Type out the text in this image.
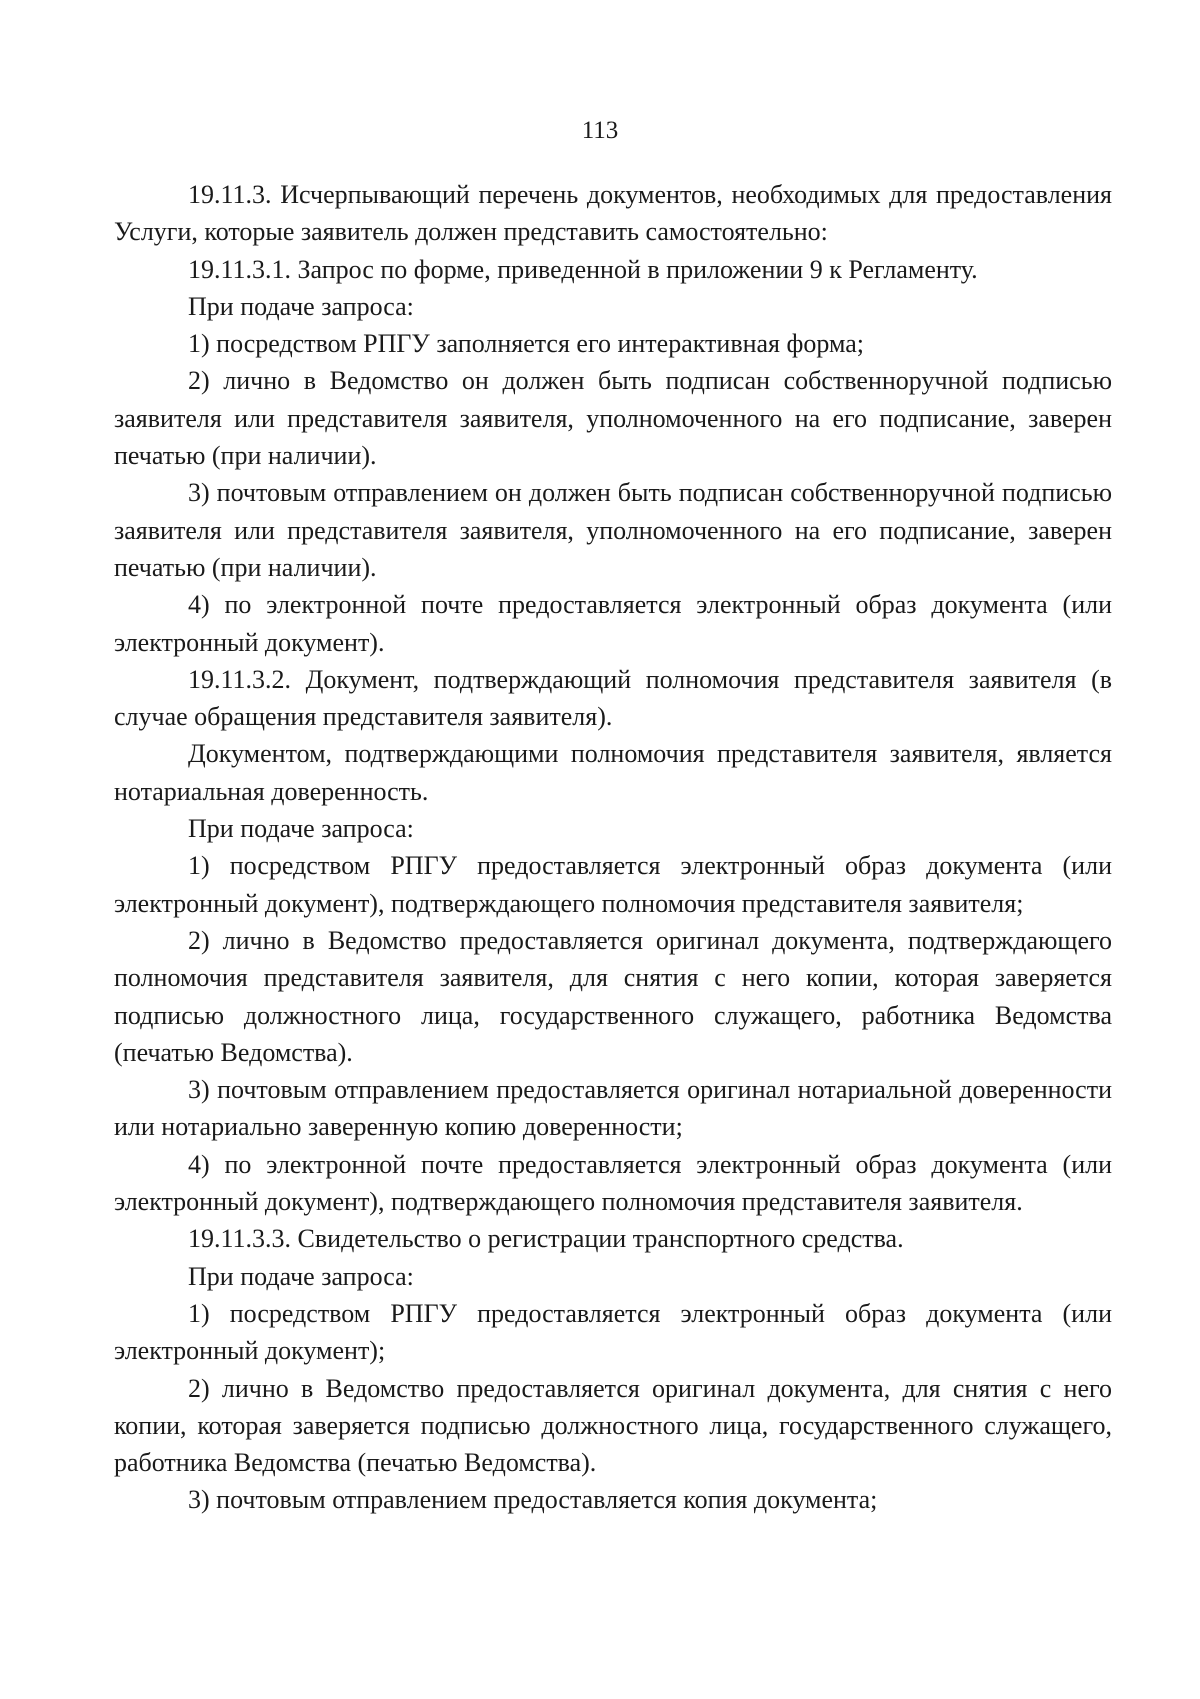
113

19.11.3. Исчерпывающий перечень документов, необходимых для предоставления Услуги, которые заявитель должен представить самостоятельно:

19.11.3.1. Запрос по форме, приведенной в приложении 9 к Регламенту.

При подаче запроса:

1) посредством РПГУ заполняется его интерактивная форма;

2) лично в Ведомство он должен быть подписан собственноручной подписью заявителя или представителя заявителя, уполномоченного на его подписание, заверен печатью (при наличии).

3) почтовым отправлением он должен быть подписан собственноручной подписью заявителя или представителя заявителя, уполномоченного на его подписание, заверен печатью (при наличии).

4) по электронной почте предоставляется электронный образ документа (или электронный документ).

19.11.3.2. Документ, подтверждающий полномочия представителя заявителя (в случае обращения представителя заявителя).

Документом, подтверждающими полномочия представителя заявителя, является нотариальная доверенность.

При подаче запроса:

1) посредством РПГУ предоставляется электронный образ документа (или электронный документ), подтверждающего полномочия представителя заявителя;

2) лично в Ведомство предоставляется оригинал документа, подтверждающего полномочия представителя заявителя, для снятия с него копии, которая заверяется подписью должностного лица, государственного служащего, работника Ведомства (печатью Ведомства).

3) почтовым отправлением предоставляется оригинал нотариальной доверенности или нотариально заверенную копию доверенности;

4) по электронной почте предоставляется электронный образ документа (или электронный документ), подтверждающего полномочия представителя заявителя.

19.11.3.3. Свидетельство о регистрации транспортного средства.

При подаче запроса:

1) посредством РПГУ предоставляется электронный образ документа (или электронный документ);

2) лично в Ведомство предоставляется оригинал документа, для снятия с него копии, которая заверяется подписью должностного лица, государственного служащего, работника Ведомства (печатью Ведомства).

3) почтовым отправлением предоставляется копия документа;
